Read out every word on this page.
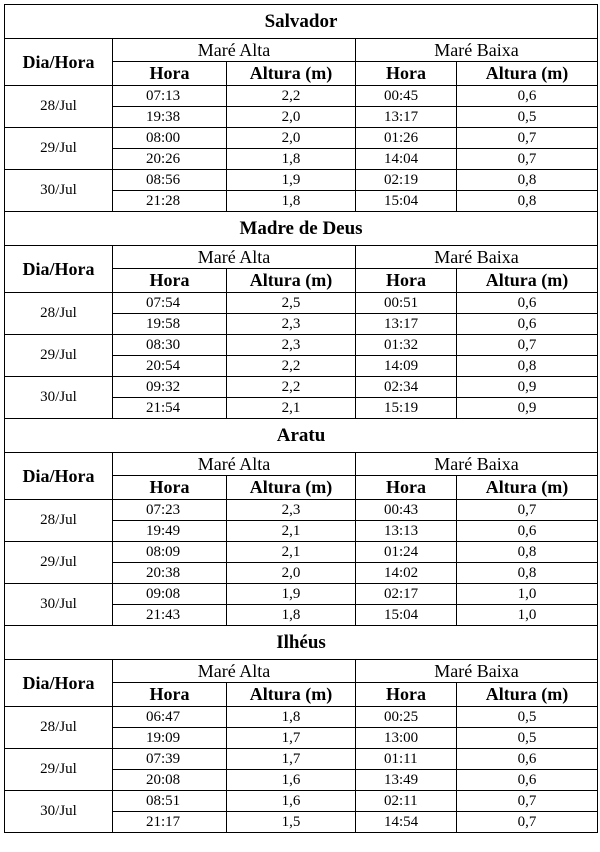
Salvador				
Dia/Hora	Maré Alta		Maré Baixa	
	Hora	Altura (m)	Hora	Altura (m)
28/Jul	07:13	2,2	00:45	0,6
	19:38	2,0	13:17	0,5
29/Jul	08:00	2,0	01:26	0,7
	20:26	1,8	14:04	0,7
30/Jul	08:56	1,9	02:19	0,8
	21:28	1,8	15:04	0,8
Madre de Deus				
Dia/Hora	Maré Alta		Maré Baixa	
	Hora	Altura (m)	Hora	Altura (m)
28/Jul	07:54	2,5	00:51	0,6
	19:58	2,3	13:17	0,6
29/Jul	08:30	2,3	01:32	0,7
	20:54	2,2	14:09	0,8
30/Jul	09:32	2,2	02:34	0,9
	21:54	2,1	15:19	0,9
Aratu				
Dia/Hora	Maré Alta		Maré Baixa	
	Hora	Altura (m)	Hora	Altura (m)
28/Jul	07:23	2,3	00:43	0,7
	19:49	2,1	13:13	0,6
29/Jul	08:09	2,1	01:24	0,8
	20:38	2,0	14:02	0,8
30/Jul	09:08	1,9	02:17	1,0
	21:43	1,8	15:04	1,0
Ilhéus				
Dia/Hora	Maré Alta		Maré Baixa	
	Hora	Altura (m)	Hora	Altura (m)
28/Jul	06:47	1,8	00:25	0,5
	19:09	1,7	13:00	0,5
29/Jul	07:39	1,7	01:11	0,6
	20:08	1,6	13:49	0,6
30/Jul	08:51	1,6	02:11	0,7
	21:17	1,5	14:54	0,7
